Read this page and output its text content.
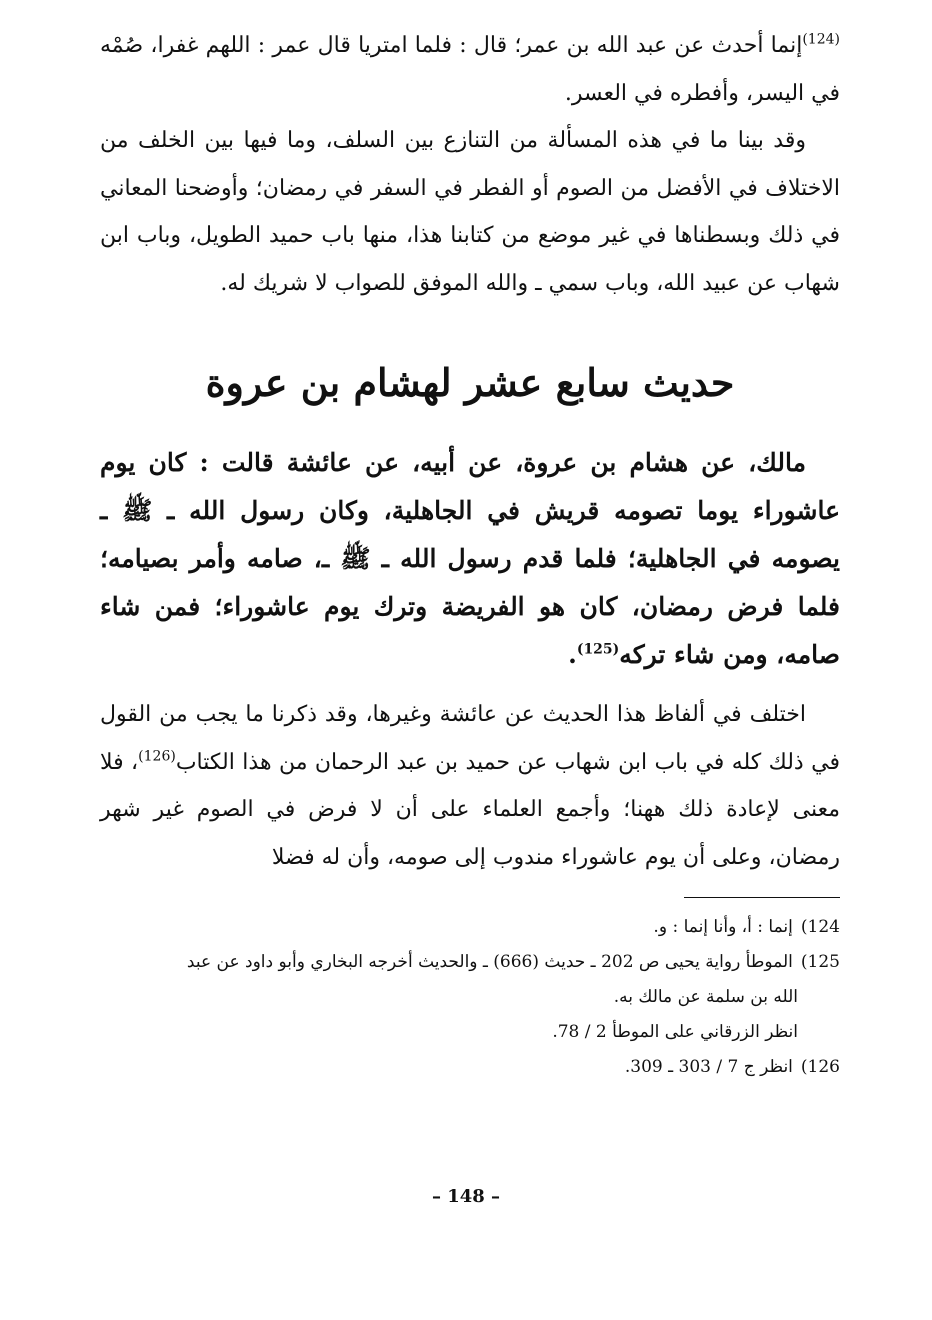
$^{(124)}$إنما أحدث عن عبد الله بن عمر؛ قال : فلما امتريا قال عمر : اللهم غفرا، صُمْه في اليسر، وأفطره في العسر.

وقد بينا ما في هذه المسألة من التنازع بين السلف، وما فيها بين الخلف من الاختلاف في الأفضل من الصوم أو الفطر في السفر في رمضان؛ وأوضحنا المعاني في ذلك وبسطناها في غير موضع من كتابنا هذا، منها باب حميد الطويل، وباب ابن شهاب عن عبيد الله، وباب سمي ـ والله الموفق للصواب لا شريك له.

حديث سابع عشر لهشام بن عروة

مالك، عن هشام بن عروة، عن أبيه، عن عائشة قالت : كان يوم عاشوراء يوما تصومه قريش في الجاهلية، وكان رسول الله ـ ﷺ ـ يصومه في الجاهلية؛ فلما قدم رسول الله ـ ﷺ ـ، صامه وأمر بصيامه؛ فلما فرض رمضان، كان هو الفريضة وترك يوم عاشوراء؛ فمن شاء صامه، ومن شاء تركه$^{(125)}$.

اختلف في ألفاظ هذا الحديث عن عائشة وغيرها، وقد ذكرنا ما يجب من القول في ذلك كله في باب ابن شهاب عن حميد بن عبد الرحمان من هذا الكتاب$^{(126)}$، فلا معنى لإعادة ذلك ههنا؛ وأجمع العلماء على أن لا فرض في الصوم غير شهر رمضان، وعلى أن يوم عاشوراء مندوب إلى صومه، وأن له فضلا

124)إنما : أ، وأنا إنما : و.

125)الموطأ رواية يحيى ص 202 ـ حديث (666) ـ والحديث أخرجه البخاري وأبو داود عن عبد

الله بن سلمة عن مالك به.

انظر الزرقاني على الموطأ 2 / 78.

126)انظر ج 7 / 303 ـ 309.

– 148 –
